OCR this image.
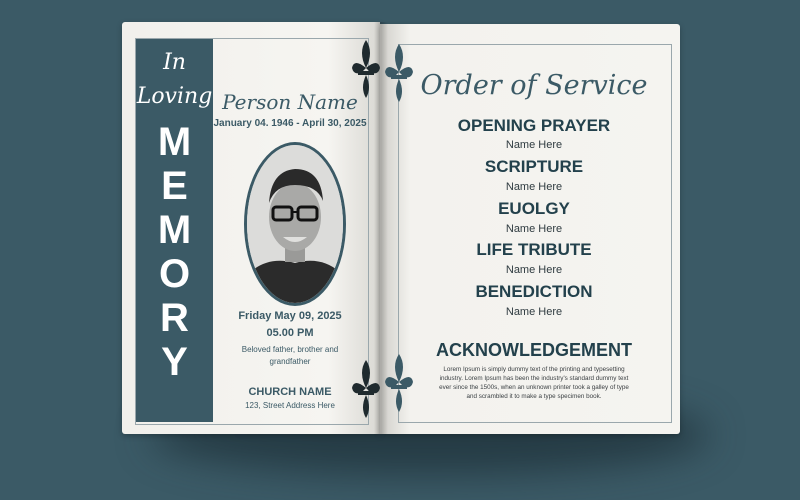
In
Loving
M
E
M
O
R
Y
Person Name
January 04. 1946 - April 30, 2025
Friday May 09, 2025
05.00 PM
Beloved father, brother and
grandfather
CHURCH NAME
123, Street Address Here
Order of Service
OPENING PRAYER
Name Here
SCRIPTURE
Name Here
EUOLGY
Name Here
LIFE TRIBUTE
Name Here
BENEDICTION
Name Here
ACKNOWLEDGEMENT
Lorem Ipsum is simply dummy text of the printing and typesetting
industry. Lorem Ipsum has been the industry's standard dummy text
ever since the 1500s, when an unknown printer took a galley of type
and scrambled it to make a type specimen book.
